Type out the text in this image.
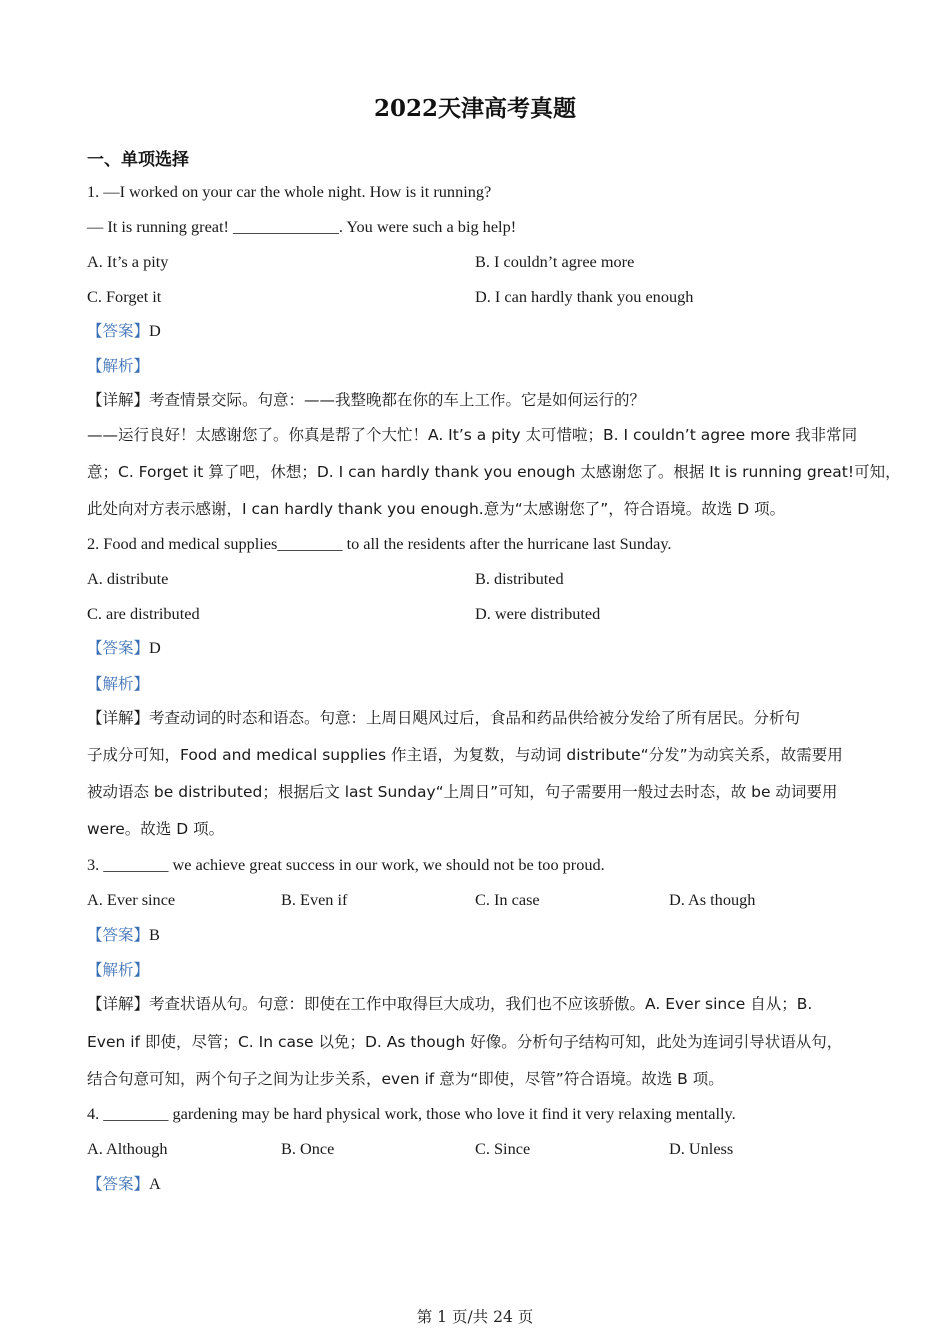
2022天津高考真题
一、单项选择
1. —I worked on your car the whole night. How is it running?
— It is running great! _____________. You were such a big help!
A. It’s a pity	B. I couldn’t agree more
C. Forget it	D. I can hardly thank you enough
【答案】D
【解析】
【详解】考查情景交际。句意：——我整晚都在你的车上工作。它是如何运行的？
——运行良好！太感谢您了。你真是帮了个大忙！A. It’s a pity 太可惜啦；B. I couldn’t agree more 我非常同
意；C. Forget it 算了吧，休想；D. I can hardly thank you enough 太感谢您了。根据 It is running great!可知，
此处向对方表示感谢，I can hardly thank you enough.意为“太感谢您了”，符合语境。故选 D 项。
2. Food and medical supplies________ to all the residents after the hurricane last Sunday.
A. distribute	B. distributed
C. are distributed	D. were distributed
【答案】D
【解析】
【详解】考查动词的时态和语态。句意：上周日飓风过后，食品和药品供给被分发给了所有居民。分析句
子成分可知，Food and medical supplies 作主语，为复数，与动词 distribute“分发”为动宾关系，故需要用
被动语态 be distributed；根据后文 last Sunday“上周日”可知，句子需要用一般过去时态，故 be 动词要用
were。故选 D 项。
3. ________ we achieve great success in our work, we should not be too proud.
A. Ever since	B. Even if	C. In case	D. As though
【答案】B
【解析】
【详解】考查状语从句。句意：即使在工作中取得巨大成功，我们也不应该骄傲。A. Ever since 自从；B.
Even if 即使，尽管；C. In case 以免；D. As though 好像。分析句子结构可知，此处为连词引导状语从句，
结合句意可知，两个句子之间为让步关系，even if 意为“即使，尽管”符合语境。故选 B 项。
4. ________ gardening may be hard physical work, those who love it find it very relaxing mentally.
A. Although	B. Once	C. Since	D. Unless
【答案】A
第 1 页/共 24 页
